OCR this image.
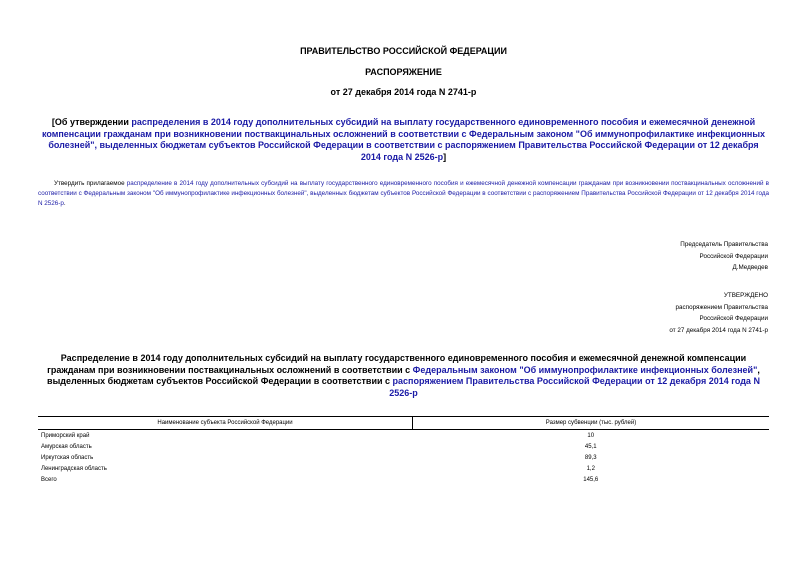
ПРАВИТЕЛЬСТВО РОССИЙСКОЙ ФЕДЕРАЦИИ
РАСПОРЯЖЕНИЕ
от 27 декабря 2014 года N 2741-р
[Об утверждении распределения в 2014 году дополнительных субсидий на выплату государственного единовременного пособия и ежемесячной денежной компенсации гражданам при возникновении поствакцинальных осложнений в соответствии с Федеральным законом "Об иммунопрофилактике инфекционных болезней", выделенных бюджетам субъектов Российской Федерации в соответствии с распоряжением Правительства Российской Федерации от 12 декабря 2014 года N 2526-р]
Утвердить прилагаемое распределение в 2014 году дополнительных субсидий на выплату государственного единовременного пособия и ежемесячной денежной компенсации гражданам при возникновении поствакцинальных осложнений в соответствии с Федеральным законом "Об иммунопрофилактике инфекционных болезней", выделенных бюджетам субъектов Российской Федерации в соответствии с распоряжением Правительства Российской Федерации от 12 декабря 2014 года N 2526-р.
Председатель Правительства
Российской Федерации
Д.Медведев
УТВЕРЖДЕНО
распоряжением Правительства
Российской Федерации
от 27 декабря 2014 года N 2741-р
Распределение в 2014 году дополнительных субсидий на выплату государственного единовременного пособия и ежемесячной денежной компенсации гражданам при возникновении поствакцинальных осложнений в соответствии с Федеральным законом "Об иммунопрофилактике инфекционных болезней", выделенных бюджетам субъектов Российской Федерации в соответствии с распоряжением Правительства Российской Федерации от 12 декабря 2014 года N 2526-р
Наименование субъекта Российской Федерации	Размер субвенции (тыс. рублей)
Приморский край	10
Амурская область	45,1
Иркутская область	89,3
Ленинградская область	1,2
Всего	145,6
